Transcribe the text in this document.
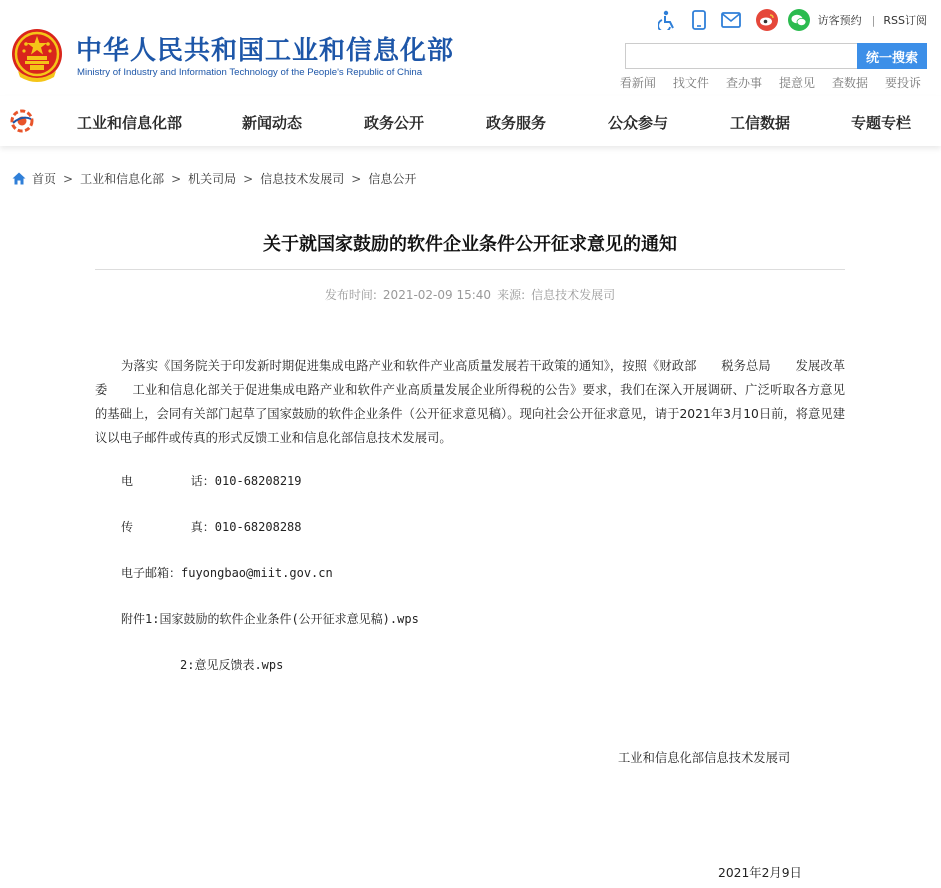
中华人民共和国工业和信息化部
Ministry of Industry and Information Technology of the People's Republic of China
访客预约 | RSS订阅
统一搜索
看新闻 找文件 查办事 提意见 查数据 要投诉
工业和信息化部	新闻动态	政务公开	政务服务	公众参与	工信数据	专题专栏
首页 > 工业和信息化部 > 机关司局 > 信息技术发展司 > 信息公开
关于就国家鼓励的软件企业条件公开征求意见的通知
发布时间: 2021-02-09 15:40 来源: 信息技术发展司

为落实《国务院关于印发新时期促进集成电路产业和软件产业高质量发展若干政策的通知》，按照《财政部　　税务总局　　发展改革委　　工业和信息化部关于促进集成电路产业和软件产业高质量发展企业所得税的公告》要求，我们在深入开展调研、广泛听取各方意见的基础上，会同有关部门起草了国家鼓励的软件企业条件（公开征求意见稿）。现向社会公开征求意见，请于2021年3月10日前，将意见建议以电子邮件或传真的形式反馈工业和信息化部信息技术发展司。

电        话：010-68208219
传        真：010-68208288
电子邮箱：fuyongbao@miit.gov.cn
附件1:国家鼓励的软件企业条件(公开征求意见稿).wps
2:意见反馈表.wps
工业和信息化部信息技术发展司
2021年2月9日
